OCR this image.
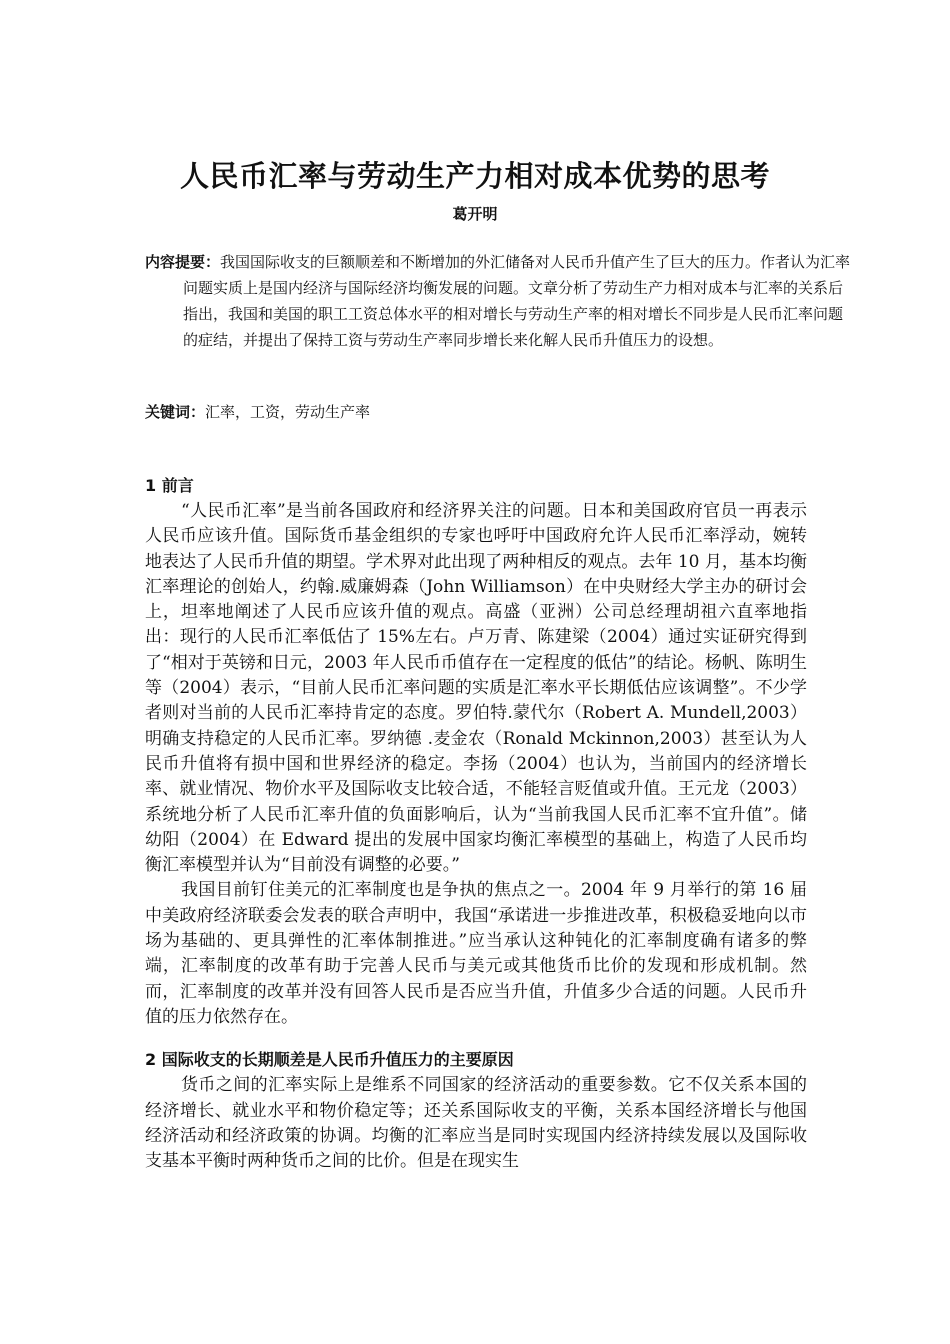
人民币汇率与劳动生产力相对成本优势的思考
葛开明

内容提要：我国国际收支的巨额顺差和不断增加的外汇储备对人民币升值产生了巨大的压力。作者认为汇率问题实质上是国内经济与国际经济均衡发展的问题。文章分析了劳动生产力相对成本与汇率的关系后指出，我国和美国的职工工资总体水平的相对增长与劳动生产率的相对增长不同步是人民币汇率问题的症结，并提出了保持工资与劳动生产率同步增长来化解人民币升值压力的设想。

关键词：汇率，工资，劳动生产率

1 前言

“人民币汇率”是当前各国政府和经济界关注的问题。日本和美国政府官员一再表示人民币应该升值。国际货币基金组织的专家也呼吁中国政府允许人民币汇率浮动，婉转地表达了人民币升值的期望。学术界对此出现了两种相反的观点。去年 10 月，基本均衡汇率理论的创始人，约翰.威廉姆森（John Williamson）在中央财经大学主办的研讨会上，坦率地阐述了人民币应该升值的观点。高盛（亚洲）公司总经理胡祖六直率地指出：现行的人民币汇率低估了 15%左右。卢万青、陈建梁（2004）通过实证研究得到了“相对于英镑和日元，2003 年人民币币值存在一定程度的低估”的结论。杨帆、陈明生等（2004）表示，“目前人民币汇率问题的实质是汇率水平长期低估应该调整”。不少学者则对当前的人民币汇率持肯定的态度。罗伯特.蒙代尔（Robert A. Mundell,2003）明确支持稳定的人民币汇率。罗纳德 .麦金农（Ronald Mckinnon,2003）甚至认为人民币升值将有损中国和世界经济的稳定。李扬（2004）也认为，当前国内的经济增长率、就业情况、物价水平及国际收支比较合适，不能轻言贬值或升值。王元龙（2003）系统地分析了人民币汇率升值的负面影响后，认为“当前我国人民币汇率不宜升值”。储幼阳（2004）在 Edward 提出的发展中国家均衡汇率模型的基础上，构造了人民币均衡汇率模型并认为“目前没有调整的必要。”

我国目前钉住美元的汇率制度也是争执的焦点之一。2004 年 9 月举行的第 16 届中美政府经济联委会发表的联合声明中，我国“承诺进一步推进改革，积极稳妥地向以市场为基础的、更具弹性的汇率体制推进。”应当承认这种钝化的汇率制度确有诸多的弊端，汇率制度的改革有助于完善人民币与美元或其他货币比价的发现和形成机制。然而，汇率制度的改革并没有回答人民币是否应当升值，升值多少合适的问题。人民币升值的压力依然存在。

2 国际收支的长期顺差是人民币升值压力的主要原因

货币之间的汇率实际上是维系不同国家的经济活动的重要参数。它不仅关系本国的经济增长、就业水平和物价稳定等；还关系国际收支的平衡，关系本国经济增长与他国经济活动和经济政策的协调。均衡的汇率应当是同时实现国内经济持续发展以及国际收支基本平衡时两种货币之间的比价。但是在现实生
